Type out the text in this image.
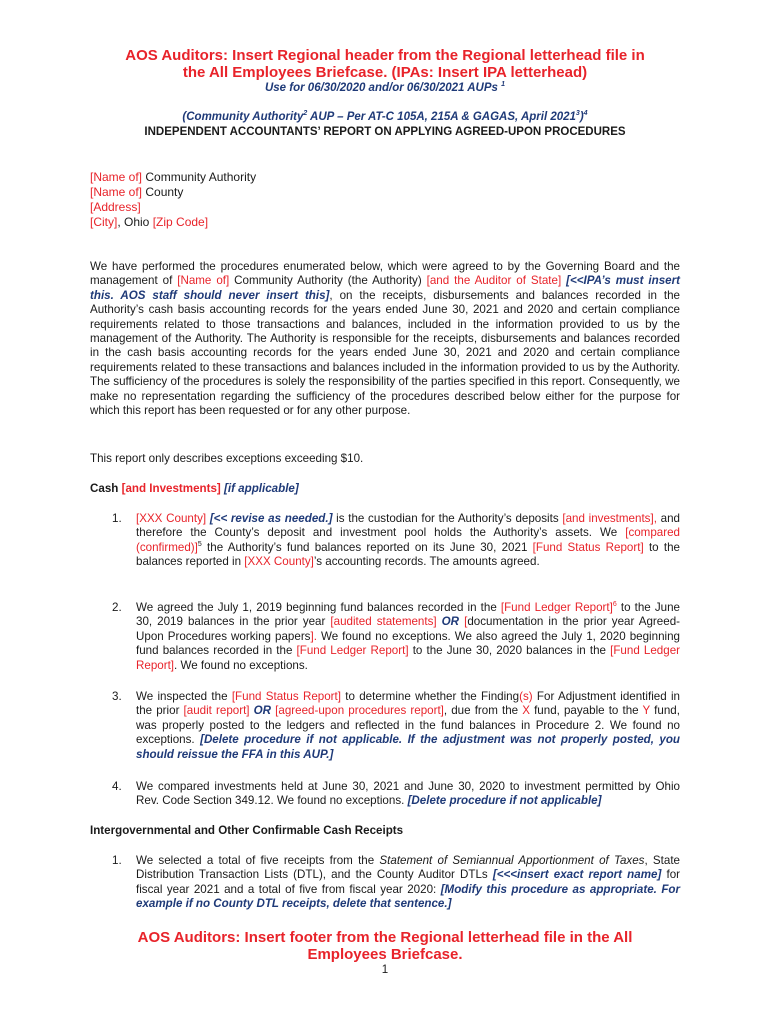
AOS Auditors: Insert Regional header from the Regional letterhead file in
the All Employees Briefcase. (IPAs: Insert IPA letterhead)
Use for 06/30/2020 and/or 06/30/2021 AUPs $^1$
(Community Authority$^2$ AUP – Per AT-C 105A, 215A & GAGAS, April 2021$^3$)$^4$
INDEPENDENT ACCOUNTANTS’ REPORT ON APPLYING AGREED-UPON PROCEDURES
[Name of] Community Authority
[Name of] County
[Address]
[City], Ohio [Zip Code]
We have performed the procedures enumerated below, which were agreed to by the Governing Board and the management of [Name of] Community Authority (the Authority) [and the Auditor of State] [<<IPA’s must insert this. AOS staff should never insert this], on the receipts, disbursements and balances recorded in the Authority’s cash basis accounting records for the years ended June 30, 2021 and 2020 and certain compliance requirements related to those transactions and balances, included in the information provided to us by the management of the Authority. The Authority is responsible for the receipts, disbursements and balances recorded in the cash basis accounting records for the years ended June 30, 2021 and 2020 and certain compliance requirements related to these transactions and balances included in the information provided to us by the Authority. The sufficiency of the procedures is solely the responsibility of the parties specified in this report. Consequently, we make no representation regarding the sufficiency of the procedures described below either for the purpose for which this report has been requested or for any other purpose.
This report only describes exceptions exceeding $10.
Cash [and Investments] [if applicable]
1. [XXX County] [<< revise as needed.] is the custodian for the Authority’s deposits [and investments], and therefore the County’s deposit and investment pool holds the Authority’s assets. We [compared (confirmed)]$^5$ the Authority’s fund balances reported on its June 30, 2021 [Fund Status Report] to the balances reported in [XXX County]’s accounting records. The amounts agreed.
2. We agreed the July 1, 2019 beginning fund balances recorded in the [Fund Ledger Report]$^6$ to the June 30, 2019 balances in the prior year [audited statements] OR [documentation in the prior year Agreed-Upon Procedures working papers]. We found no exceptions. We also agreed the July 1, 2020 beginning fund balances recorded in the [Fund Ledger Report] to the June 30, 2020 balances in the [Fund Ledger Report]. We found no exceptions.
3. We inspected the [Fund Status Report] to determine whether the Finding(s) For Adjustment identified in the prior [audit report] OR [agreed-upon procedures report], due from the X fund, payable to the Y fund, was properly posted to the ledgers and reflected in the fund balances in Procedure 2. We found no exceptions. [Delete procedure if not applicable. If the adjustment was not properly posted, you should reissue the FFA in this AUP.]
4. We compared investments held at June 30, 2021 and June 30, 2020 to investment permitted by Ohio Rev. Code Section 349.12. We found no exceptions. [Delete procedure if not applicable]
Intergovernmental and Other Confirmable Cash Receipts
1. We selected a total of five receipts from the Statement of Semiannual Apportionment of Taxes, State Distribution Transaction Lists (DTL), and the County Auditor DTLs [<<<insert exact report name] for fiscal year 2021 and a total of five from fiscal year 2020: [Modify this procedure as appropriate. For example if no County DTL receipts, delete that sentence.]
AOS Auditors: Insert footer from the Regional letterhead file in the All
Employees Briefcase.
1
